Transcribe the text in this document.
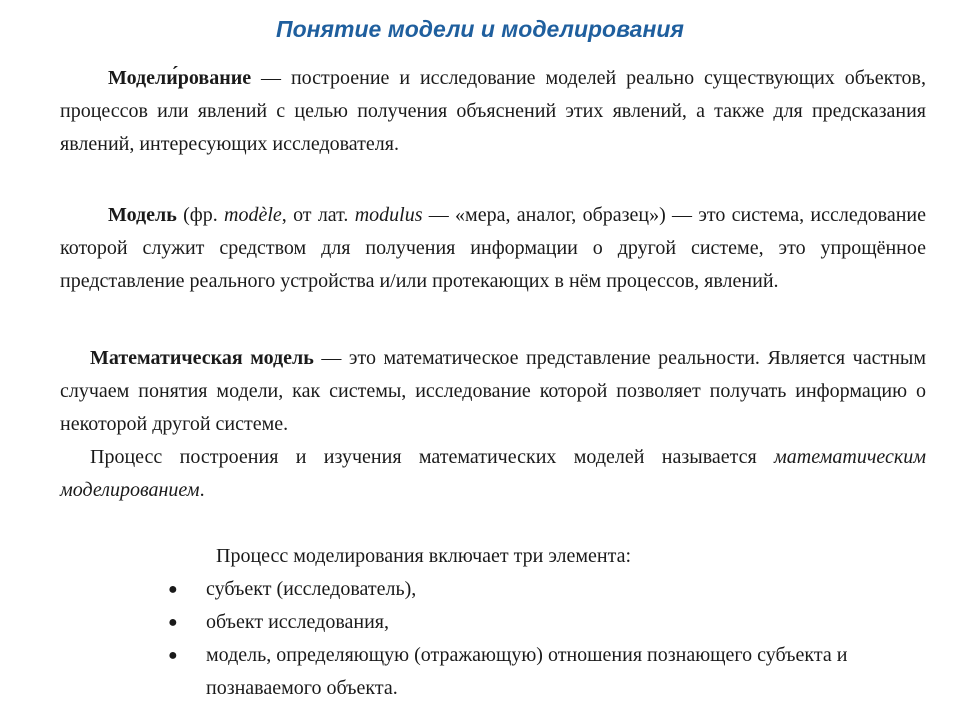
Понятие модели и моделирования

Модели́рование — построение и исследование моделей реально существующих объектов, процессов или явлений с целью получения объяснений этих явлений, а также для предсказания явлений, интересующих исследователя.

Модель (фр. modèle, от лат. modulus — «мера, аналог, образец») — это система, исследование которой служит средством для получения информации о другой системе, это упрощённое представление реального устройства и/или протекающих в нём процессов, явлений.

Математическая модель — это математическое представление реальности. Является частным случаем понятия модели, как системы, исследование которой позволяет получать информацию о некоторой другой системе.

Процесс построения и изучения математических моделей называется математическим моделированием.

Процесс моделирования включает три элемента:
● субъект (исследователь),
● объект исследования,
● модель, определяющую (отражающую) отношения познающего субъекта и познаваемого объекта.
